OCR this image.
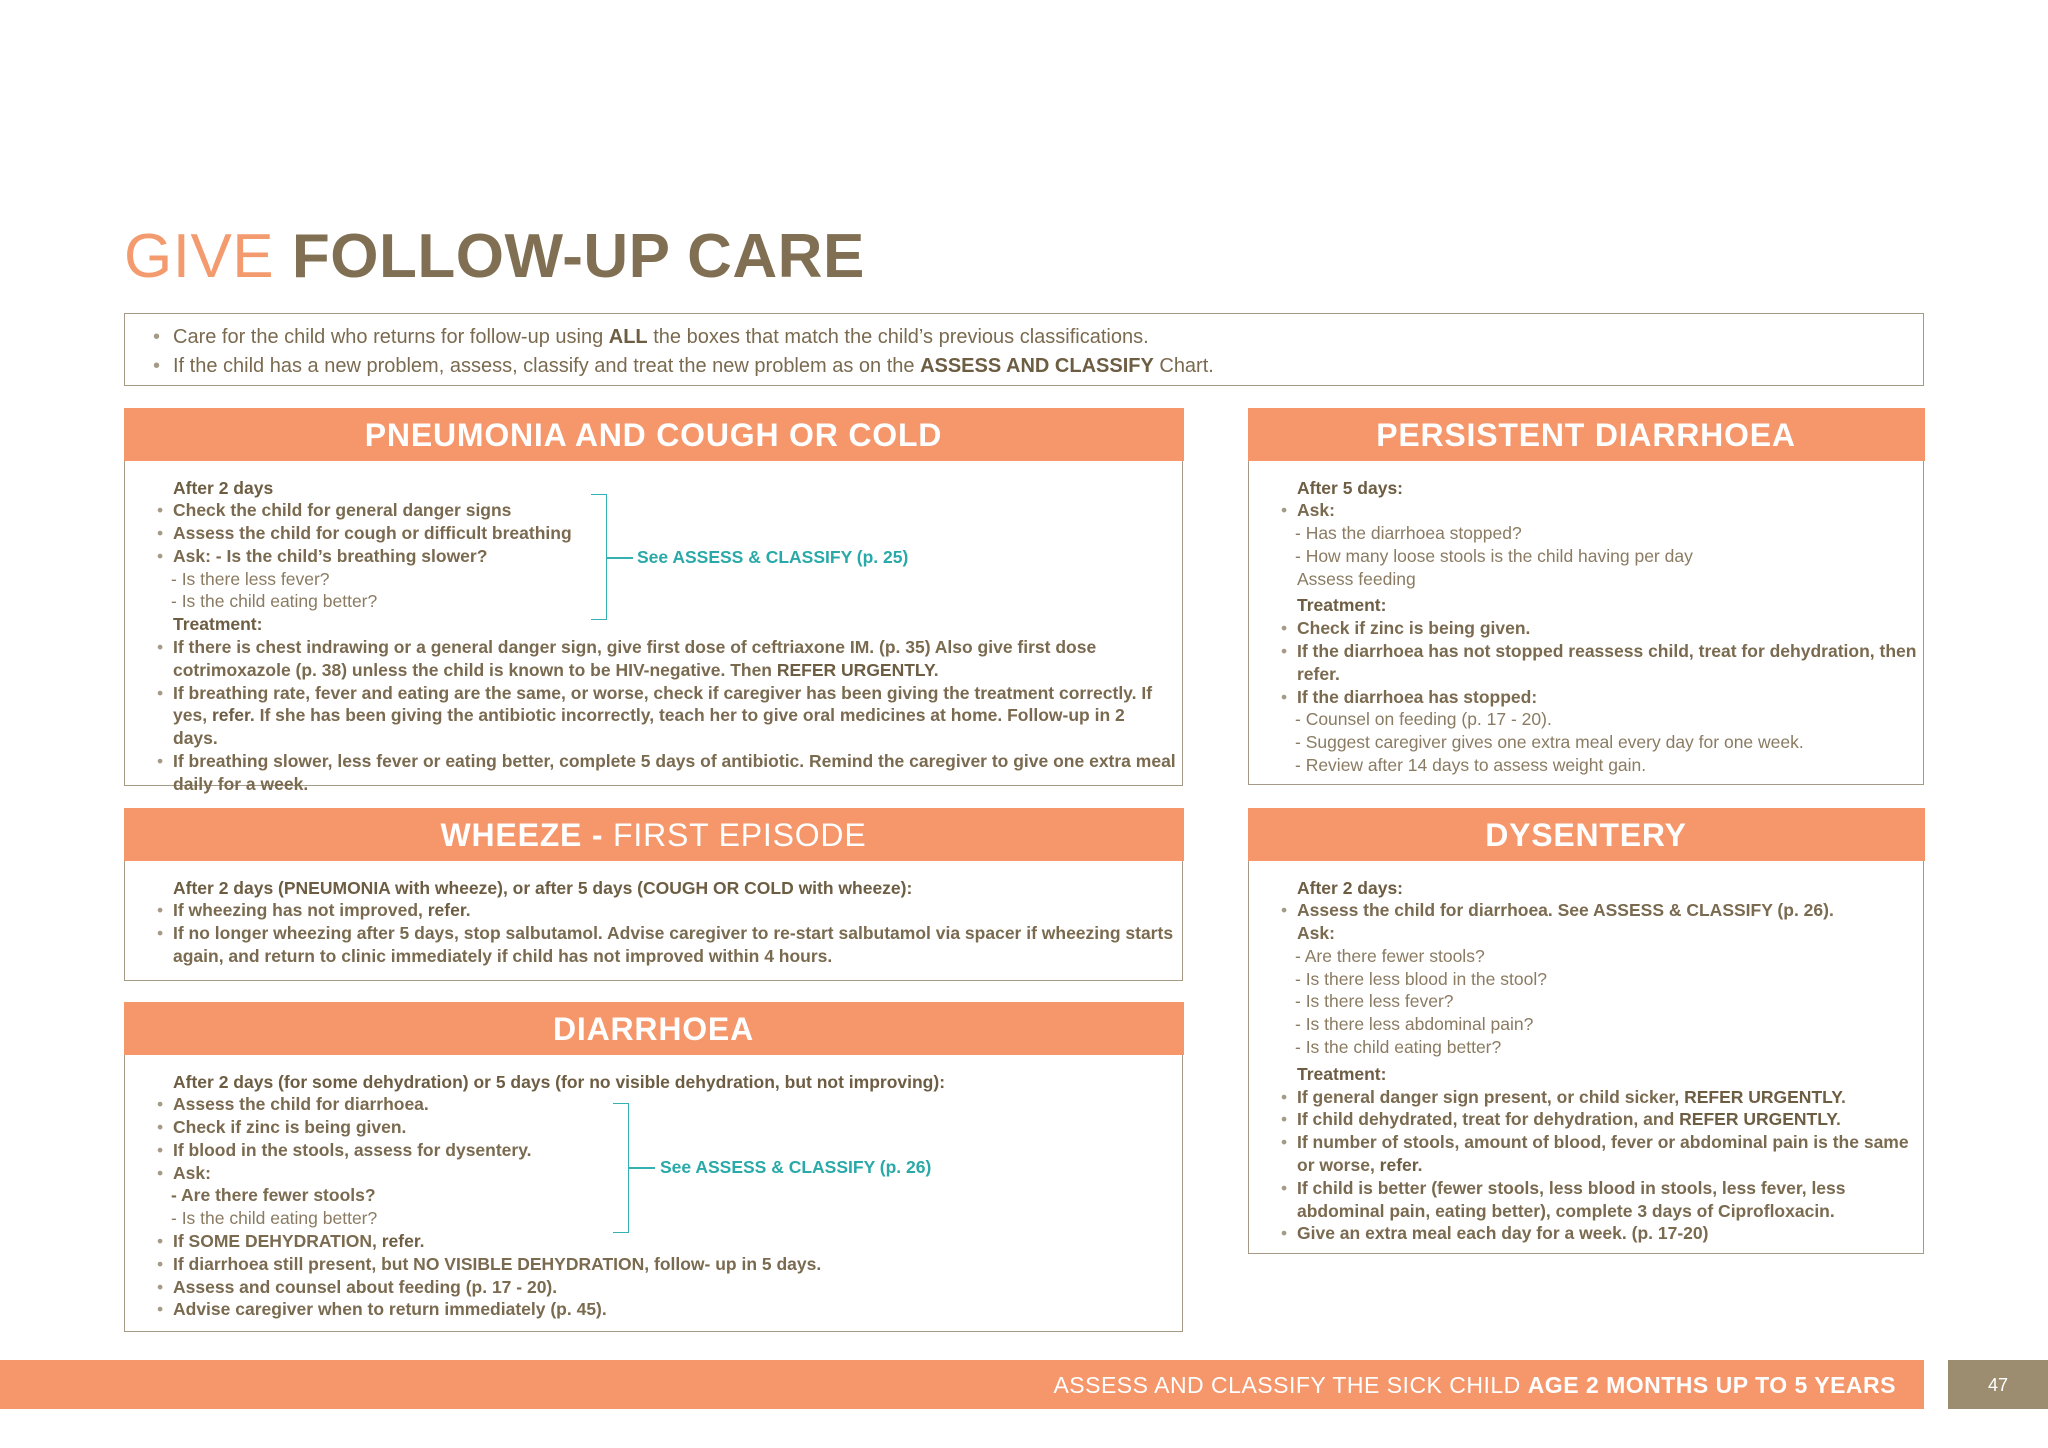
GIVE FOLLOW-UP CARE
• Care for the child who returns for follow-up using ALL the boxes that match the child’s previous classifications.
• If the child has a new problem, assess, classify and treat the new problem as on the ASSESS AND CLASSIFY Chart.
PNEUMONIA AND COUGH OR COLD
After 2 days
• Check the child for general danger signs
• Assess the child for cough or difficult breathing
• Ask: - Is the child’s breathing slower?
- Is there less fever?
- Is the child eating better?
Treatment:
• If there is chest indrawing or a general danger sign, give first dose of ceftriaxone IM. (p. 35) Also give first dose
cotrimoxazole (p. 38) unless the child is known to be HIV-negative. Then REFER URGENTLY.
• If breathing rate, fever and eating are the same, or worse, check if caregiver has been giving the treatment correctly. If
yes, refer. If she has been giving the antibiotic incorrectly, teach her to give oral medicines at home. Follow-up in 2 days.
• If breathing slower, less fever or eating better, complete 5 days of antibiotic. Remind the caregiver to give one extra meal
daily for a week.
See ASSESS & CLASSIFY (p. 25)
WHEEZE - FIRST EPISODE
After 2 days (PNEUMONIA with wheeze), or after 5 days (COUGH OR COLD with wheeze):
• If wheezing has not improved, refer.
• If no longer wheezing after 5 days, stop salbutamol. Advise caregiver to re-start salbutamol via spacer if wheezing starts
again, and return to clinic immediately if child has not improved within 4 hours.
DIARRHOEA
After 2 days (for some dehydration) or 5 days (for no visible dehydration, but not improving):
• Assess the child for diarrhoea.
• Check if zinc is being given.
• If blood in the stools, assess for dysentery.
• Ask:
- Are there fewer stools?
- Is the child eating better?
• If SOME DEHYDRATION, refer.
• If diarrhoea still present, but NO VISIBLE DEHYDRATION, follow- up in 5 days.
• Assess and counsel about feeding (p. 17 - 20).
• Advise caregiver when to return immediately (p. 45).
See ASSESS & CLASSIFY (p. 26)
PERSISTENT DIARRHOEA
After 5 days:
• Ask:
- Has the diarrhoea stopped?
- How many loose stools is the child having per day
Assess feeding
Treatment:
• Check if zinc is being given.
• If the diarrhoea has not stopped reassess child, treat for dehydration, then
refer.
• If the diarrhoea has stopped:
- Counsel on feeding (p. 17 - 20).
- Suggest caregiver gives one extra meal every day for one week.
- Review after 14 days to assess weight gain.
DYSENTERY
After 2 days:
• Assess the child for diarrhoea. See ASSESS & CLASSIFY (p. 26).
Ask:
- Are there fewer stools?
- Is there less blood in the stool?
- Is there less fever?
- Is there less abdominal pain?
- Is the child eating better?
Treatment:
• If general danger sign present, or child sicker, REFER URGENTLY.
• If child dehydrated, treat for dehydration, and REFER URGENTLY.
• If number of stools, amount of blood, fever or abdominal pain is the same
or worse, refer.
• If child is better (fewer stools, less blood in stools, less fever, less
abdominal pain, eating better), complete 3 days of Ciprofloxacin.
• Give an extra meal each day for a week. (p. 17-20)
ASSESS AND CLASSIFY THE SICK CHILD AGE 2 MONTHS UP TO 5 YEARS	47
